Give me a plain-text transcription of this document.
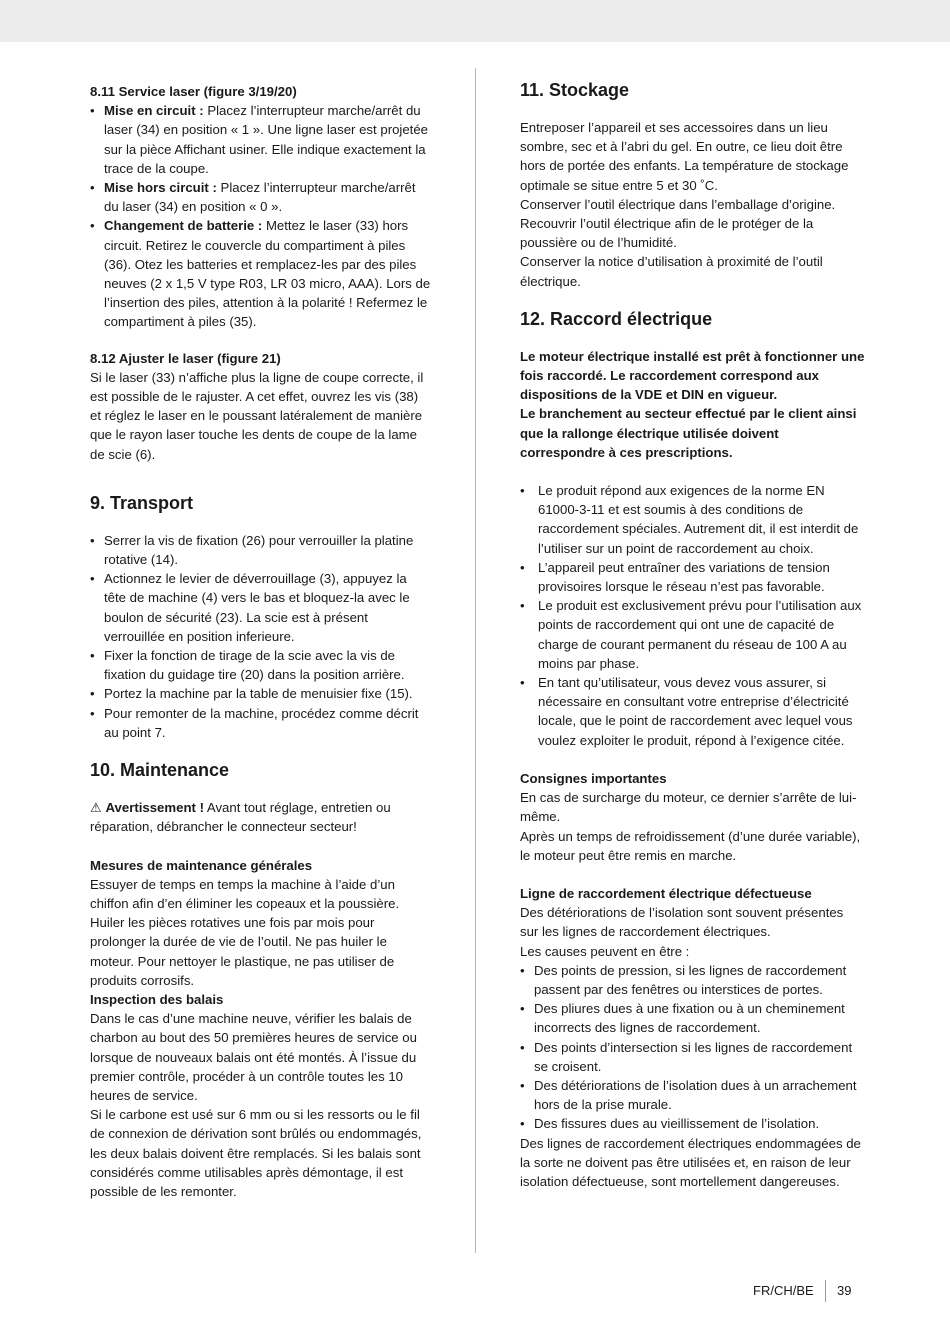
8.11 Service laser (figure 3/19/20)
• Mise en circuit : Placez l’interrupteur marche/arrêt du laser (34) en position « 1 ». Une ligne laser est projetée sur la pièce Affichant usiner. Elle indique exactement la trace de la coupe.
• Mise hors circuit : Placez l’interrupteur marche/arrêt du laser (34) en position « 0 ».
• Changement de batterie : Mettez le laser (33) hors circuit. Retirez le couvercle du compartiment à piles (36). Otez les batteries et remplacez-les par des piles neuves (2 x 1,5 V type R03, LR 03 micro, AAA). Lors de l’insertion des piles, attention à la polarité ! Refermez le compartiment à piles (35).
8.12 Ajuster le laser (figure 21)

Si le laser (33) n’affiche plus la ligne de coupe correcte, il est possible de le rajuster. A cet effet, ouvrez les vis (38) et réglez le laser en le poussant latéralement de manière que le rayon laser touche les dents de coupe de la lame de scie (6).

9. Transport
• Serrer la vis de fixation (26) pour verrouiller la platine rotative (14).
• Actionnez le levier de déverrouillage (3), appuyez la tête de machine (4) vers le bas et bloquez-la avec le boulon de sécurité (23). La scie est à présent verrouillée en position inferieure.
• Fixer la fonction de tirage de la scie avec la vis de fixation du guidage tire (20) dans la position arrière.
• Portez la machine par la table de menuisier fixe (15).
• Pour remonter de la machine, procédez comme décrit au point 7.
10. Maintenance

⚠ Avertissement ! Avant tout réglage, entretien ou réparation, débrancher le connecteur secteur!

Mesures de maintenance générales

Essuyer de temps en temps la machine à l’aide d’un chiffon afin d’en éliminer les copeaux et la poussière. Huiler les pièces rotatives une fois par mois pour prolonger la durée de vie de l’outil. Ne pas huiler le moteur. Pour nettoyer le plastique, ne pas utiliser de produits corrosifs.

Inspection des balais

Dans le cas d’une machine neuve, vérifier les balais de charbon au bout des 50 premières heures de service ou lorsque de nouveaux balais ont été montés. À l’issue du premier contrôle, procéder à un contrôle toutes les 10 heures de service.

Si le carbone est usé sur 6 mm ou si les ressorts ou le fil de connexion de dérivation sont brûlés ou endommagés, les deux balais doivent être remplacés. Si les balais sont considérés comme utilisables après démontage, il est possible de les remonter.

11. Stockage

Entreposer l’appareil et ses accessoires dans un lieu sombre, sec et à l’abri du gel. En outre, ce lieu doit être hors de portée des enfants. La température de stockage optimale se situe entre 5 et 30 ˚C.

Conserver l’outil électrique dans l’emballage d’origine.

Recouvrir l’outil électrique afin de le protéger de la poussière ou de l’humidité.

Conserver la notice d’utilisation à proximité de l’outil électrique.

12. Raccord électrique

Le moteur électrique installé est prêt à fonctionner une fois raccordé. Le raccordement correspond aux dispositions de la VDE et DIN en vigueur.

Le branchement au secteur effectué par le client ainsi que la rallonge électrique utilisée doivent correspondre à ces prescriptions.

• Le produit répond aux exigences de la norme EN 61000-3-11 et est soumis à des conditions de raccordement spéciales. Autrement dit, il est interdit de l’utiliser sur un point de raccordement au choix.
• L’appareil peut entraîner des variations de tension provisoires lorsque le réseau n’est pas favorable.
• Le produit est exclusivement prévu pour l’utilisation aux points de raccordement qui ont une de capacité de charge de courant permanent du réseau de 100 A au moins par phase.
• En tant qu’utilisateur, vous devez vous assurer, si nécessaire en consultant votre entreprise d’électricité locale, que le point de raccordement avec lequel vous voulez exploiter le produit, répond à l’exigence citée.
Consignes importantes

En cas de surcharge du moteur, ce dernier s’arrête de lui-même.

Après un temps de refroidissement (d’une durée variable), le moteur peut être remis en marche.

Ligne de raccordement électrique défectueuse

Des détériorations de l’isolation sont souvent présentes sur les lignes de raccordement électriques.

Les causes peuvent en être :

• Des points de pression, si les lignes de raccordement passent par des fenêtres ou interstices de portes.
• Des pliures dues à une fixation ou à un cheminement incorrects des lignes de raccordement.
• Des points d’intersection si les lignes de raccordement se croisent.
• Des détériorations de l’isolation dues à un arrachement hors de la prise murale.
• Des fissures dues au vieillissement de l’isolation.

Des lignes de raccordement électriques endommagées de la sorte ne doivent pas être utilisées et, en raison de leur isolation défectueuse, sont mortellement dangereuses.

FR/CH/BE 39
